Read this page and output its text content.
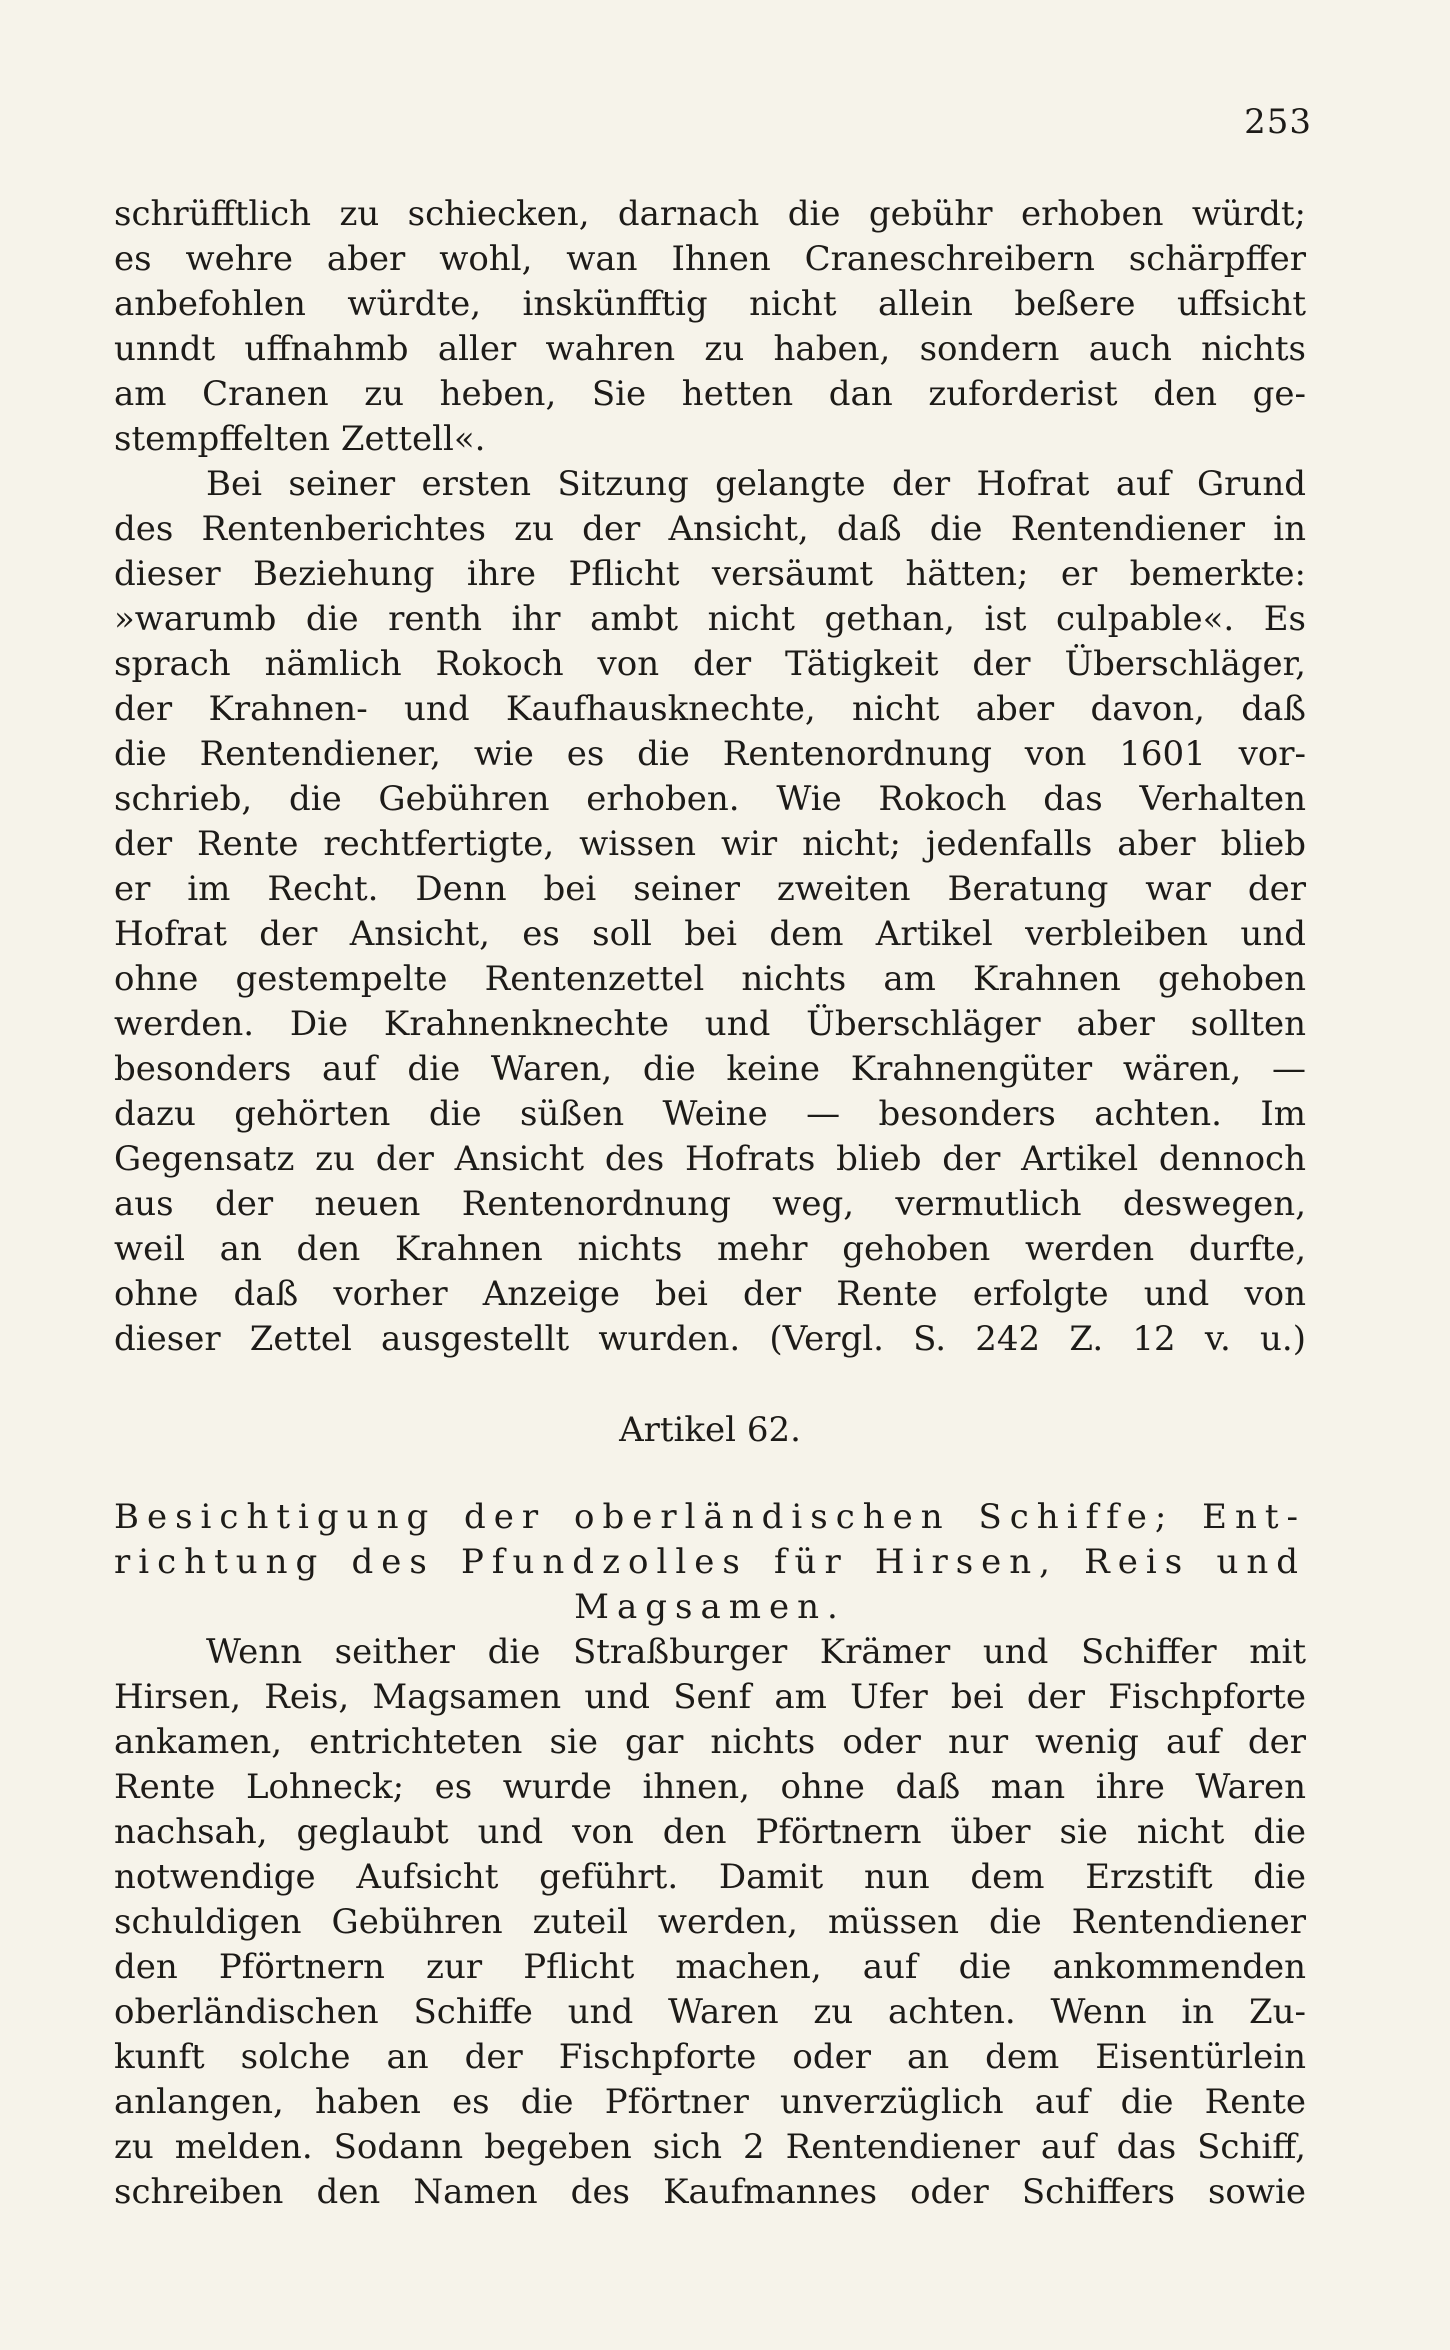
253
schrüfftlich zu schiecken, darnach die gebühr erhoben würdt;
es wehre aber wohl, wan Ihnen Craneschreibern schärpffer
anbefohlen würdte, inskünfftig nicht allein beßere uffsicht
unndt uffnahmb aller wahren zu haben, sondern auch nichts
am Cranen zu heben, Sie hetten dan zuforderist den ge-
stempffelten Zettell«.
Bei seiner ersten Sitzung gelangte der Hofrat auf Grund
des Rentenberichtes zu der Ansicht, daß die Rentendiener in
dieser Beziehung ihre Pflicht versäumt hätten; er bemerkte:
»warumb die renth ihr ambt nicht gethan, ist culpable«. Es
sprach nämlich Rokoch von der Tätigkeit der Überschläger,
der Krahnen- und Kaufhausknechte, nicht aber davon, daß
die Rentendiener, wie es die Rentenordnung von 1601 vor-
schrieb, die Gebühren erhoben. Wie Rokoch das Verhalten
der Rente rechtfertigte, wissen wir nicht; jedenfalls aber blieb
er im Recht. Denn bei seiner zweiten Beratung war der
Hofrat der Ansicht, es soll bei dem Artikel verbleiben und
ohne gestempelte Rentenzettel nichts am Krahnen gehoben
werden. Die Krahnenknechte und Überschläger aber sollten
besonders auf die Waren, die keine Krahnengüter wären, —
dazu gehörten die süßen Weine — besonders achten. Im
Gegensatz zu der Ansicht des Hofrats blieb der Artikel dennoch
aus der neuen Rentenordnung weg, vermutlich deswegen,
weil an den Krahnen nichts mehr gehoben werden durfte,
ohne daß vorher Anzeige bei der Rente erfolgte und von
dieser Zettel ausgestellt wurden. (Vergl. S. 242 Z. 12 v. u.)
Artikel 62.
Besichtigung der oberländischen Schiffe; Ent-
richtung des Pfundzolles für Hirsen, Reis und
Magsamen.
Wenn seither die Straßburger Krämer und Schiffer mit
Hirsen, Reis, Magsamen und Senf am Ufer bei der Fischpforte
ankamen, entrichteten sie gar nichts oder nur wenig auf der
Rente Lohneck; es wurde ihnen, ohne daß man ihre Waren
nachsah, geglaubt und von den Pförtnern über sie nicht die
notwendige Aufsicht geführt. Damit nun dem Erzstift die
schuldigen Gebühren zuteil werden, müssen die Rentendiener
den Pförtnern zur Pflicht machen, auf die ankommenden
oberländischen Schiffe und Waren zu achten. Wenn in Zu-
kunft solche an der Fischpforte oder an dem Eisentürlein
anlangen, haben es die Pförtner unverzüglich auf die Rente
zu melden. Sodann begeben sich 2 Rentendiener auf das Schiff,
schreiben den Namen des Kaufmannes oder Schiffers sowie
